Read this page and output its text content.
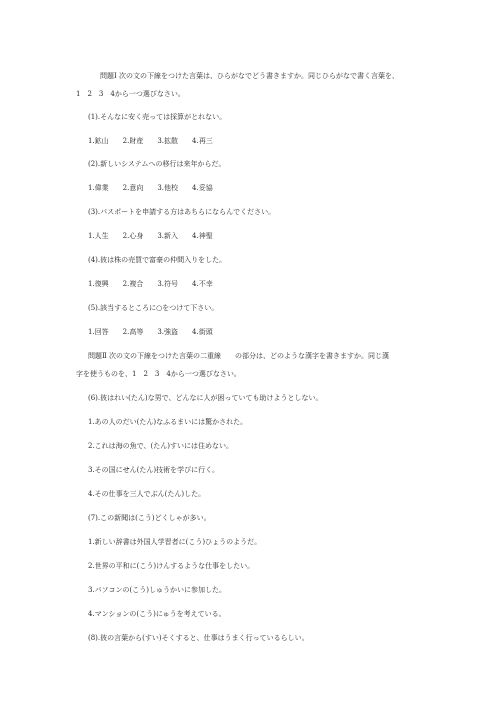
問題Ⅰ 次の文の下線をつけた言葉は、ひらがなでどう書きますか。同じひらがなで書く言葉を、
1　2　3　4から一つ選びなさい。
(1).そんなに安く売っては採算がとれない。
1.鉱山　　2.財産　　3.拡散　　4.再三
(2).新しいシステムへの移行は来年からだ。
1.偉業　　2.意向　　3.他校　　4.妥協
(3).パスポートを申請する方はあちらにならんでください。
1.人生　　2.心身　　3.新入　　4.神聖
(4).彼は株の売買で富豪の仲間入りをした。
1.復興　　2.複合　　3.符号　　4.不幸
(5).該当するところに○をつけて下さい。
1.回答　　2.高等　　3.強盗　　4.街頭
問題Ⅱ 次の文の下線をつけた言葉の二重線　　の部分は、どのような漢字を書きますか。同じ漢
字を使うものを、1　2　3　4から一つ選びなさい。
(6).彼はれい(たん)な男で、どんなに人が困っていても助けようとしない。
1.あの人のだい(たん)なふるまいには驚かされた。
2.これは海の魚で、(たん)すいには住めない。
3.その国にせん(たん)技術を学びに行く。
4.その仕事を三人でぶん(たん)した。
(7).この新聞は(こう)どくしゃが多い。
1.新しい辞書は外国人学習者に(こう)ひょうのようだ。
2.世界の平和に(こう)けんするような仕事をしたい。
3.パソコンの(こう)しゅうかいに参加した。
4.マンションの(こう)にゅうを考えている。
(8).彼の言葉から(すい)そくすると、仕事はうまく行っているらしい。
